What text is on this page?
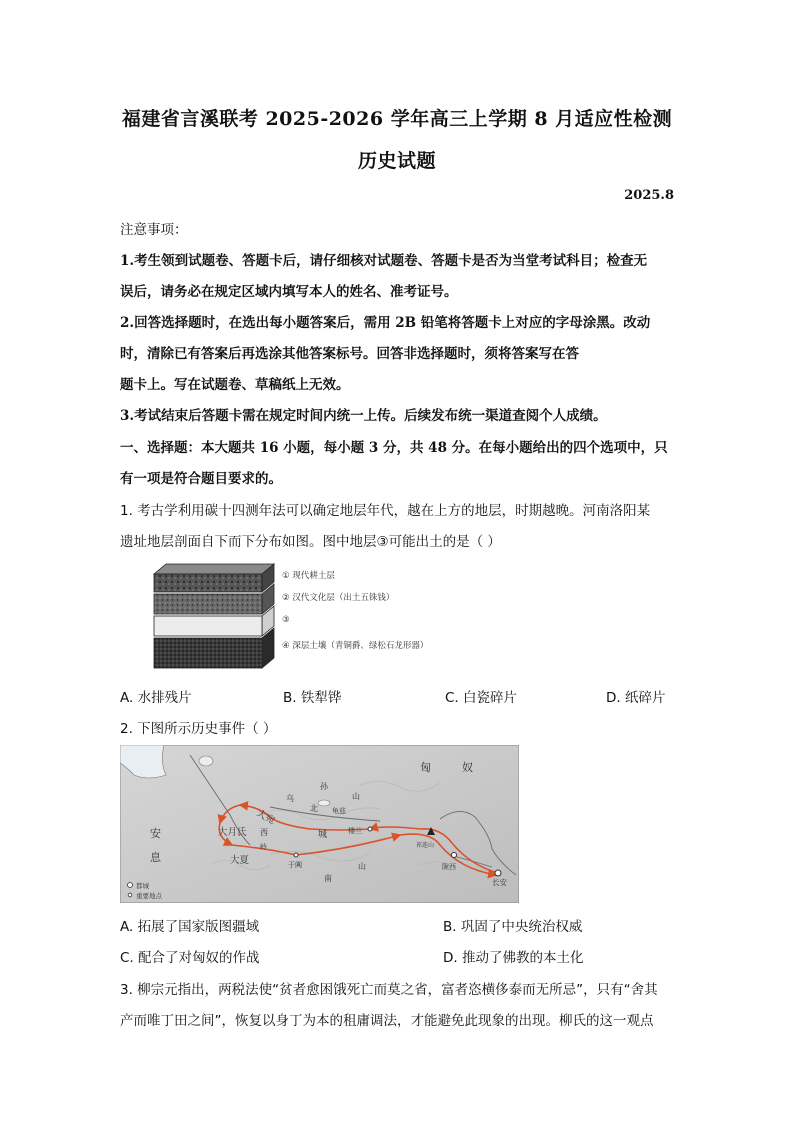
福建省言溪联考 2025-2026 学年高三上学期 8 月适应性检测
历史试题
2025.8
注意事项：
1.考生领到试题卷、答题卡后，请仔细核对试题卷、答题卡是否为当堂考试科目；检查无
误后，请务必在规定区域内填写本人的姓名、准考证号。
2.回答选择题时，在选出每小题答案后，需用 2B 铅笔将答题卡上对应的字母涂黑。改动
时，清除已有答案后再选涂其他答案标号。回答非选择题时，须将答案写在答
题卡上。写在试题卷、草稿纸上无效。
3.考试结束后答题卡需在规定时间内统一上传。后续发布统一渠道查阅个人成绩。
一、选择题：本大题共 16 小题，每小题 3 分，共 48 分。在每小题给出的四个选项中，只
有一项是符合题目要求的。
1. 考古学利用碳十四测年法可以确定地层年代，越在上方的地层，时期越晚。河南洛阳某
遗址地层剖面自下而下分布如图。图中地层③可能出土的是（ ）
① 现代耕土层
② 汉代文化层（出土五铢钱）
③
④ 深层土壤（青铜爵、绿松石龙形器）
A. 水排残片	B. 铁犁铧	C. 白瓷碎片	D. 纸碎片
2. 下图所示历史事件（ ）
匈	奴
安
息
大月氏
大夏
大宛
乌
孙
北
山
龟兹
西
岭
于阗
城	楼兰
南
山
祁连山
陇西
长安
都城
重要地点
A. 拓展了国家版图疆域	B. 巩固了中央统治权威
C. 配合了对匈奴的作战	D. 推动了佛教的本土化
3. 柳宗元指出，两税法使“贫者愈困饿死亡而莫之省，富者恣横侈泰而无所忌”，只有“舍其
产而唯丁田之间”，恢复以身丁为本的租庸调法，才能避免此现象的出现。柳氏的这一观点
